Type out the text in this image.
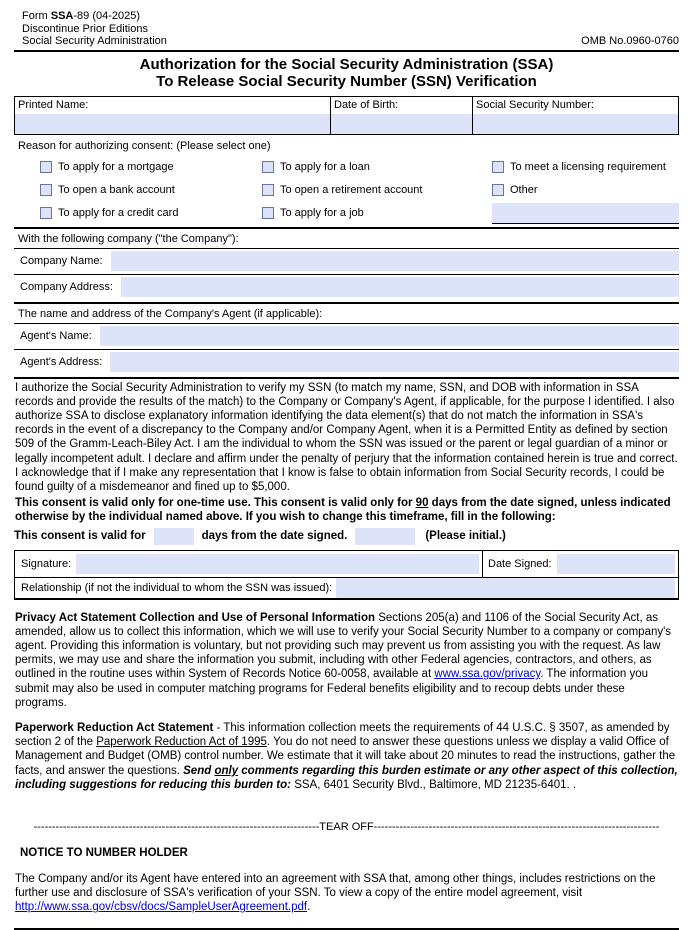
Form SSA-89 (04-2025)
Discontinue Prior Editions
Social Security Administration	OMB No.0960-0760
Authorization for the Social Security Administration (SSA)
To Release Social Security Number (SSN) Verification
Printed Name:	Date of Birth:	Social Security Number:
Reason for authorizing consent: (Please select one)
To apply for a mortgage	To apply for a loan	To meet a licensing requirement
To open a bank account	To open a retirement account	Other
To apply for a credit card	To apply for a job
With the following company ("the Company"):
Company Name:
Company Address:
The name and address of the Company's Agent (if applicable):
Agent's Name:
Agent's Address:
I authorize the Social Security Administration to verify my SSN (to match my name, SSN, and DOB with information in SSA records and provide the results of the match) to the Company or Company's Agent, if applicable, for the purpose I identified. I also authorize SSA to disclose explanatory information identifying the data element(s) that do not match the information in SSA's records in the event of a discrepancy to the Company and/or Company Agent, when it is a Permitted Entity as defined by section 509 of the Gramm-Leach-Biley Act. I am the individual to whom the SSN was issued or the parent or legal guardian of a minor or legally incompetent adult. I declare and affirm under the penalty of perjury that the information contained herein is true and correct. I acknowledge that if I make any representation that I know is false to obtain information from Social Security records, I could be found guilty of a misdemeanor and fined up to $5,000.
This consent is valid only for one-time use. This consent is valid only for 90 days from the date signed, unless indicated otherwise by the individual named above. If you wish to change this timeframe, fill in the following:
This consent is valid for	days from the date signed.	(Please initial.)
Signature:	Date Signed:
Relationship (if not the individual to whom the SSN was issued):
Privacy Act Statement Collection and Use of Personal Information Sections 205(a) and 1106 of the Social Security Act, as amended, allow us to collect this information, which we will use to verify your Social Security Number to a company or company's agent. Providing this information is voluntary, but not providing such may prevent us from assisting you with the request. As law permits, we may use and share the information you submit, including with other Federal agencies, contractors, and others, as outlined in the routine uses within System of Records Notice 60-0058, available at www.ssa.gov/privacy. The information you submit may also be used in computer matching programs for Federal benefits eligibility and to recoup debts under these programs.
Paperwork Reduction Act Statement - This information collection meets the requirements of 44 U.S.C. § 3507, as amended by section 2 of the Paperwork Reduction Act of 1995. You do not need to answer these questions unless we display a valid Office of Management and Budget (OMB) control number. We estimate that it will take about 20 minutes to read the instructions, gather the facts, and answer the questions. Send only comments regarding this burden estimate or any other aspect of this collection, including suggestions for reducing this burden to: SSA, 6401 Security Blvd., Baltimore, MD 21235-6401. .
------------------------------------------------------------------------------TEAR OFF------------------------------------------------------------------------------
NOTICE TO NUMBER HOLDER
The Company and/or its Agent have entered into an agreement with SSA that, among other things, includes restrictions on the further use and disclosure of SSA's verification of your SSN. To view a copy of the entire model agreement, visit http://www.ssa.gov/cbsv/docs/SampleUserAgreement.pdf.
